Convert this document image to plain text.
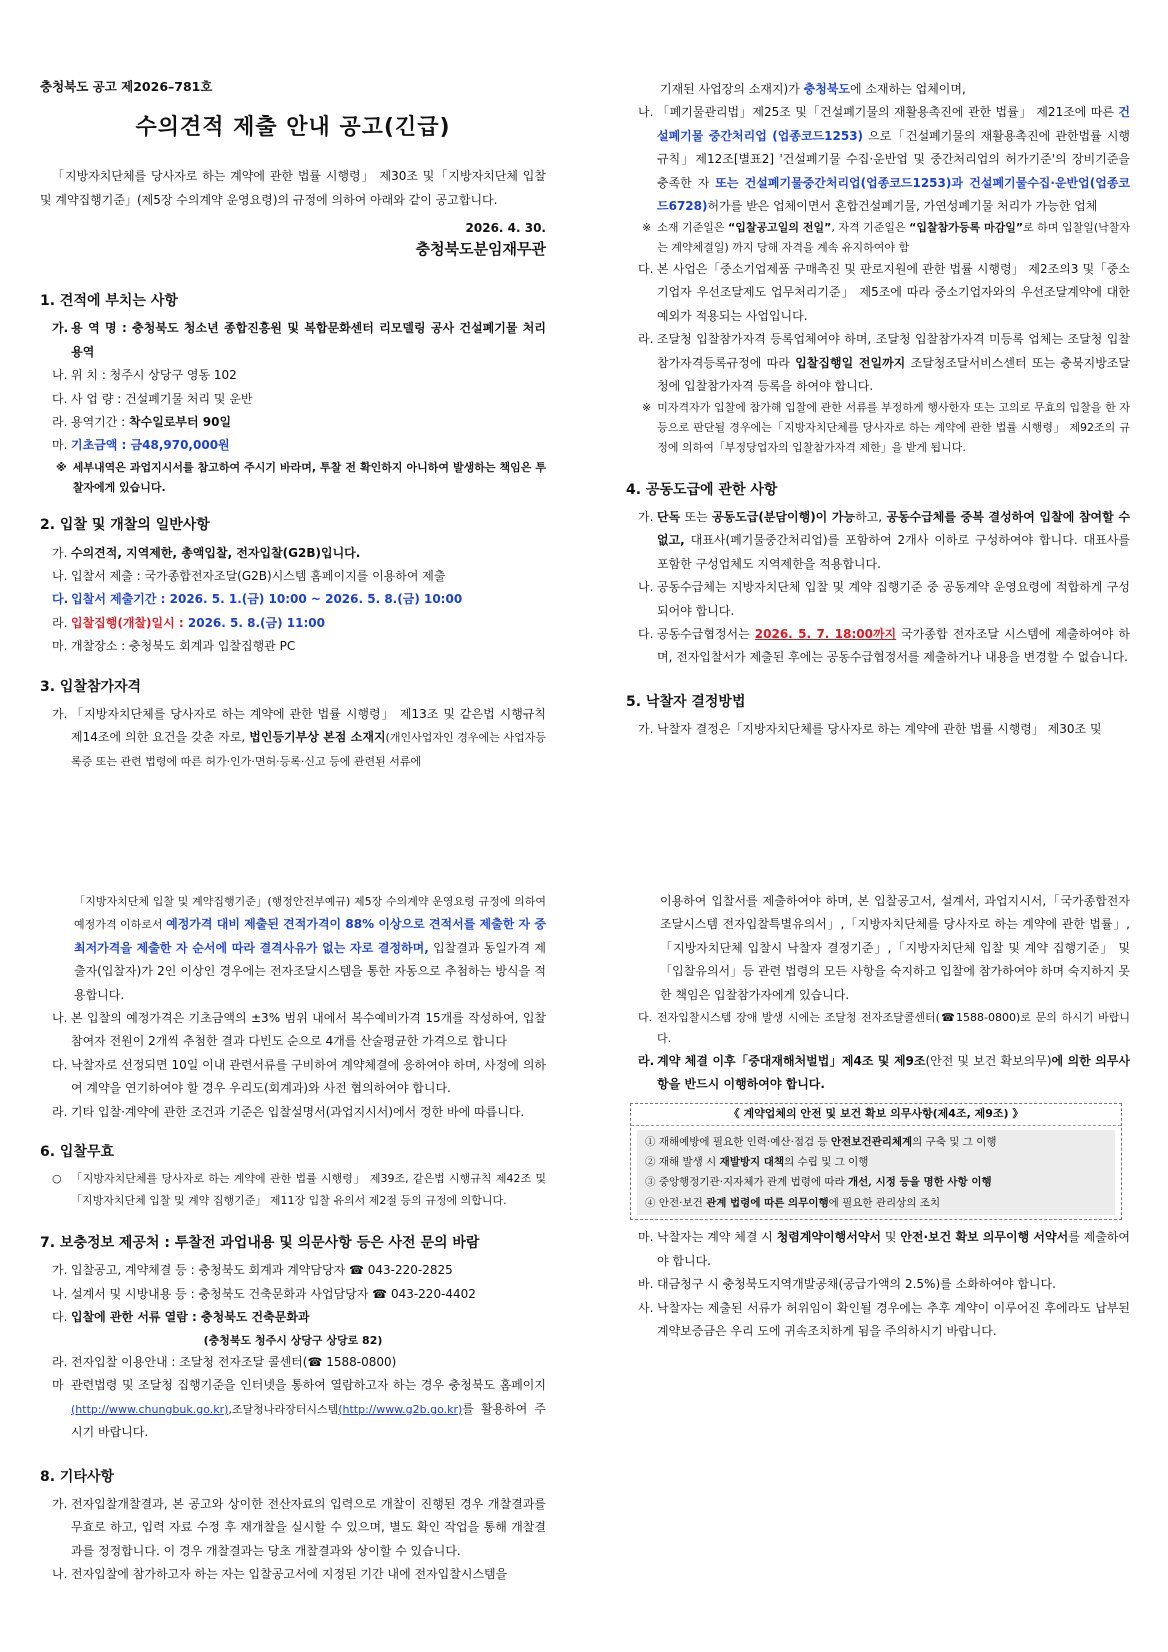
충청북도 공고 제2026–781호
수의견적 제출 안내 공고(긴급)

「지방자치단체를 당사자로 하는 계약에 관한 법률 시행령」 제30조 및「지방자치단체 입찰 및 계약집행기준」(제5장 수의계약 운영요령)의 규정에 의하여 아래와 같이 공고합니다.

2026. 4. 30.

충청북도분임재무관

1. 견적에 부치는 사항
가. 용 역 명 : 충청북도 청소년 종합진흥원 및 복합문화센터 리모델링 공사 건설폐기물 처리 용역
나. 위 치 : 청주시 상당구 영동 102
다. 사 업 량 : 건설폐기물 처리 및 운반
라. 용역기간 : 착수일로부터 90일
마. 기초금액 : 금48,970,000원
※ 세부내역은 과업지시서를 참고하여 주시기 바라며, 투찰 전 확인하지 아니하여 발생하는 책임은 투찰자에게 있습니다.
2. 입찰 및 개찰의 일반사항
가. 수의견적, 지역제한, 총액입찰, 전자입찰(G2B)입니다.
나. 입찰서 제출 : 국가종합전자조달(G2B)시스템 홈페이지를 이용하여 제출
다. 입찰서 제출기간 : 2026. 5. 1.(금) 10:00 ~ 2026. 5. 8.(금) 10:00
라. 입찰집행(개찰)일시 : 2026. 5. 8.(금) 11:00
마. 개찰장소 : 충청북도 회계과 입찰집행관 PC
3. 입찰참가자격
가. 「지방자치단체를 당사자로 하는 계약에 관한 법률 시행령」 제13조 및 같은법 시행규칙 제14조에 의한 요건을 갖춘 자로, 법인등기부상 본점 소재지(개인사업자인 경우에는 사업자등록증 또는 관련 법령에 따른 허가·인가·면허·등록·신고 등에 관련된 서류에
기재된 사업장의 소재지)가 충청북도에 소재하는 업체이며,
나. 「폐기물관리법」제25조 및「건설폐기물의 재활용촉진에 관한 법률」 제21조에 따른 건설폐기물 중간처리업 (업종코드1253) 으로「건설폐기물의 재활용촉진에 관한법률 시행규칙」제12조[별표2] '건설폐기물 수집·운반업 및 중간처리업의 허가기준'의 장비기준을 충족한 자 또는 건설폐기물중간처리업(업종코드1253)과 건설폐기물수집·운반업(업종코드6728)허가를 받은 업체이면서 혼합건설폐기물, 가연성폐기물 처리가 가능한 업체
※ 소재 기준일은 “입찰공고일의 전일”, 자격 기준일은 “입찰참가등록 마감일”로 하며 입찰일(낙찰자는 계약체결일) 까지 당해 자격을 계속 유지하여야 함
다. 본 사업은「중소기업제품 구매촉진 및 판로지원에 관한 법률 시행령」 제2조의3 및「중소기업자 우선조달제도 업무처리기준」 제5조에 따라 중소기업자와의 우선조달계약에 대한 예외가 적용되는 사업입니다.
라. 조달청 입찰참가자격 등록업체여야 하며, 조달청 입찰참가자격 미등록 업체는 조달청 입찰참가자격등록규정에 따라 입찰집행일 전일까지 조달청조달서비스센터 또는 충북지방조달청에 입찰참가자격 등록을 하여야 합니다.
※ 미자격자가 입찰에 참가해 입찰에 관한 서류를 부정하게 행사한자 또는 고의로 무효의 입찰을 한 자 등으로 판단될 경우에는「지방자치단체를 당사자로 하는 계약에 관한 법률 시행령」 제92조의 규정에 의하여「부정당업자의 입찰참가자격 제한」을 받게 됩니다.
4. 공동도급에 관한 사항
가. 단독 또는 공동도급(분담이행)이 가능하고, 공동수급체를 중복 결성하여 입찰에 참여할 수 없고, 대표사(폐기물중간처리업)를 포함하여 2개사 이하로 구성하여야 합니다. 대표사를 포함한 구성업체도 지역제한을 적용합니다.
나. 공동수급체는 지방자치단체 입찰 및 계약 집행기준 중 공동계약 운영요령에 적합하게 구성되어야 합니다.
다. 공동수급협정서는 2026. 5. 7. 18:00까지 국가종합 전자조달 시스템에 제출하여야 하며, 전자입찰서가 제출된 후에는 공동수급협정서를 제출하거나 내용을 변경할 수 없습니다.
5. 낙찰자 결정방법
가. 낙찰자 결정은「지방자치단체를 당사자로 하는 계약에 관한 법률 시행령」 제30조 및
「지방자치단체 입찰 및 계약집행기준」(행정안전부예규) 제5장 수의계약 운영요령 규정에 의하여 예정가격 이하로서 예정가격 대비 제출된 견적가격이 88% 이상으로 견적서를 제출한 자 중 최저가격을 제출한 자 순서에 따라 결격사유가 없는 자로 결정하며, 입찰결과 동일가격 제출자(입찰자)가 2인 이상인 경우에는 전자조달시스템을 통한 자동으로 추첨하는 방식을 적용합니다.
나. 본 입찰의 예정가격은 기초금액의 ±3% 범위 내에서 복수예비가격 15개를 작성하여, 입찰 참여자 전원이 2개씩 추첨한 결과 다빈도 순으로 4개를 산술평균한 가격으로 합니다
다. 낙찰자로 선정되면 10일 이내 관련서류를 구비하여 계약체결에 응하여야 하며, 사정에 의하여 계약을 연기하여야 할 경우 우리도(회계과)와 사전 협의하여야 합니다.
라. 기타 입찰·계약에 관한 조건과 기준은 입찰설명서(과업지시서)에서 정한 바에 따릅니다.
6. 입찰무효
○ 「지방자치단체를 당사자로 하는 계약에 관한 법률 시행령」 제39조, 같은법 시행규칙 제42조 및「지방자치단체 입찰 및 계약 집행기준」 제11장 입찰 유의서 제2절 등의 규정에 의합니다.
7. 보충정보 제공처 : 투찰전 과업내용 및 의문사항 등은 사전 문의 바람
가. 입찰공고, 계약체결 등 : 충청북도 회계과 계약담당자 ☎ 043-220-2825
나. 설계서 및 시방내용 등 : 충청북도 건축문화과 사업담당자 ☎ 043-220-4402
다. 입찰에 관한 서류 열람 : 충청북도 건축문화과
(충청북도 청주시 상당구 상당로 82)
라. 전자입찰 이용안내 : 조달청 전자조달 콜센터(☎ 1588-0800)
마 관련법령 및 조달청 집행기준을 인터넷을 통하여 열람하고자 하는 경우 충청북도 홈페이지(http://www.chungbuk.go.kr),조달청나라장터시스템(http://www.g2b.go.kr)를 활용하여 주시기 바랍니다.
8. 기타사항
가. 전자입찰개찰결과, 본 공고와 상이한 전산자료의 입력으로 개찰이 진행된 경우 개찰결과를 무효로 하고, 입력 자료 수정 후 재개찰을 실시할 수 있으며, 별도 확인 작업을 통해 개찰결과를 정정합니다. 이 경우 개찰결과는 당초 개찰결과와 상이할 수 있습니다.
나. 전자입찰에 참가하고자 하는 자는 입찰공고서에 지정된 기간 내에 전자입찰시스템을
이용하여 입찰서를 제출하여야 하며, 본 입찰공고서, 설계서, 과업지시서,「국가종합전자조달시스템 전자입찰특별유의서」,「지방자치단체를 당사자로 하는 계약에 관한 법률」,「지방자치단체 입찰시 낙찰자 결정기준」,「지방자치단체 입찰 및 계약 집행기준」 및「입찰유의서」등 관련 법령의 모든 사항을 숙지하고 입찰에 참가하여야 하며 숙지하지 못한 책임은 입찰참가자에게 있습니다.
다. 전자입찰시스템 장애 발생 시에는 조달청 전자조달콜센터(☎1588-0800)로 문의 하시기 바랍니다.
라. 계약 체결 이후「중대재해처벌법」제4조 및 제9조(안전 및 보건 확보의무)에 의한 의무사항을 반드시 이행하여야 합니다.
《 계약업체의 안전 및 보건 확보 의무사항(제4조, 제9조) 》
① 재해예방에 필요한 인력·예산·점검 등 안전보건관리체계의 구축 및 그 이행
② 재해 발생 시 재발방지 대책의 수립 및 그 이행
③ 중앙행정기관·지자체가 관계 법령에 따라 개선, 시정 등을 명한 사항 이행
④ 안전·보건 관계 법령에 따른 의무이행에 필요한 관리상의 조치
마. 낙찰자는 계약 체결 시 청렴계약이행서약서 및 안전·보건 확보 의무이행 서약서를 제출하여야 합니다.
바. 대금청구 시 충청북도지역개발공채(공급가액의 2.5%)를 소화하여야 합니다.
사. 낙찰자는 제출된 서류가 허위임이 확인될 경우에는 추후 계약이 이루어진 후에라도 납부된 계약보증금은 우리 도에 귀속조치하게 됨을 주의하시기 바랍니다.
